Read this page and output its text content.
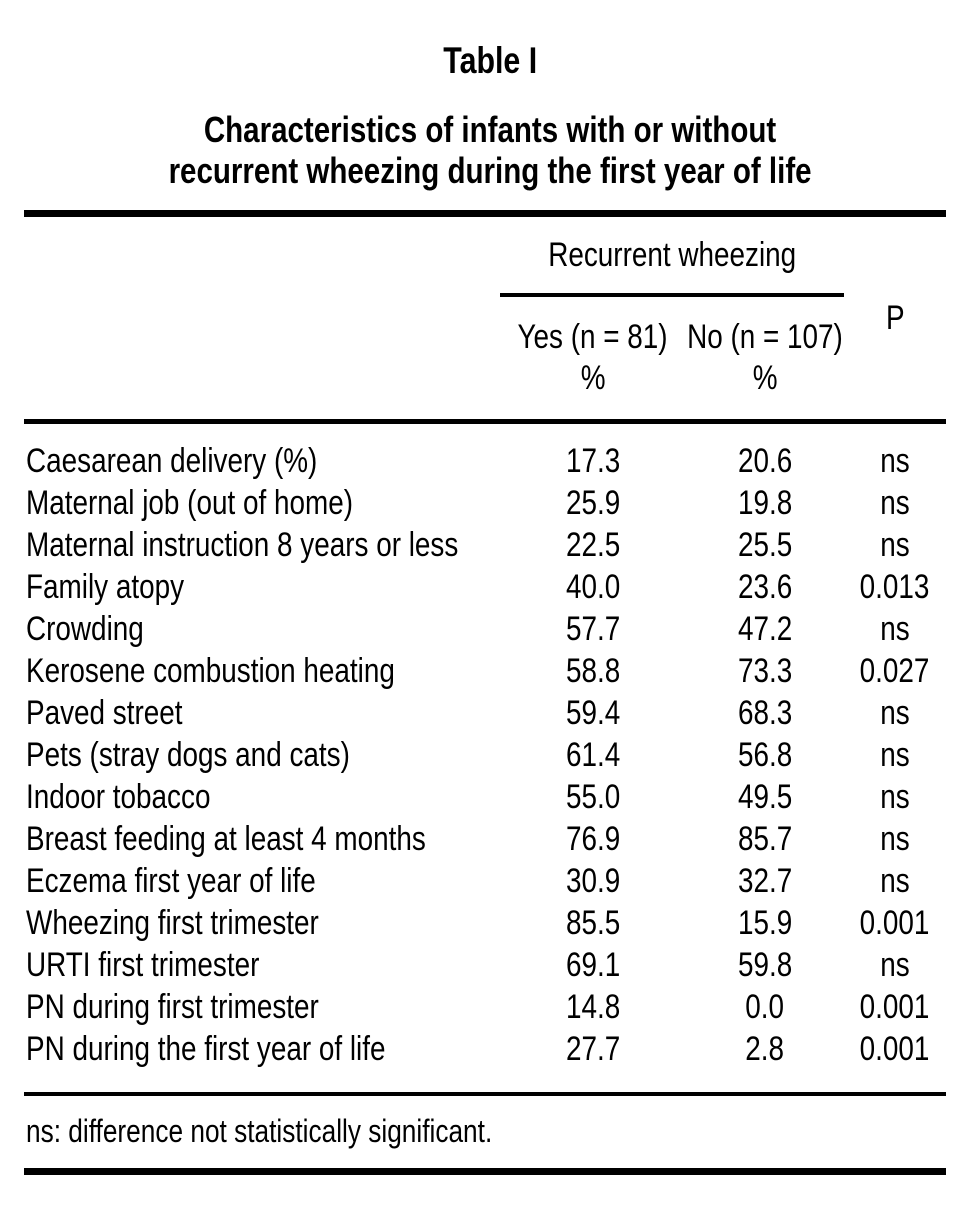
Table I
Characteristics of infants with or without
recurrent wheezing during the first year of life
Recurrent wheezing
Yes (n = 81)
%
No (n = 107)
%
P
Caesarean delivery (%)	17.3	20.6	ns
Maternal job (out of home)	25.9	19.8	ns
Maternal instruction 8 years or less	22.5	25.5	ns
Family atopy	40.0	23.6	0.013
Crowding	57.7	47.2	ns
Kerosene combustion heating	58.8	73.3	0.027
Paved street	59.4	68.3	ns
Pets (stray dogs and cats)	61.4	56.8	ns
Indoor tobacco	55.0	49.5	ns
Breast feeding at least 4 months	76.9	85.7	ns
Eczema first year of life	30.9	32.7	ns
Wheezing first trimester	85.5	15.9	0.001
URTI first trimester	69.1	59.8	ns
PN during first trimester	14.8	0.0	0.001
PN during the first year of life	27.7	2.8	0.001
ns: difference not statistically significant.
